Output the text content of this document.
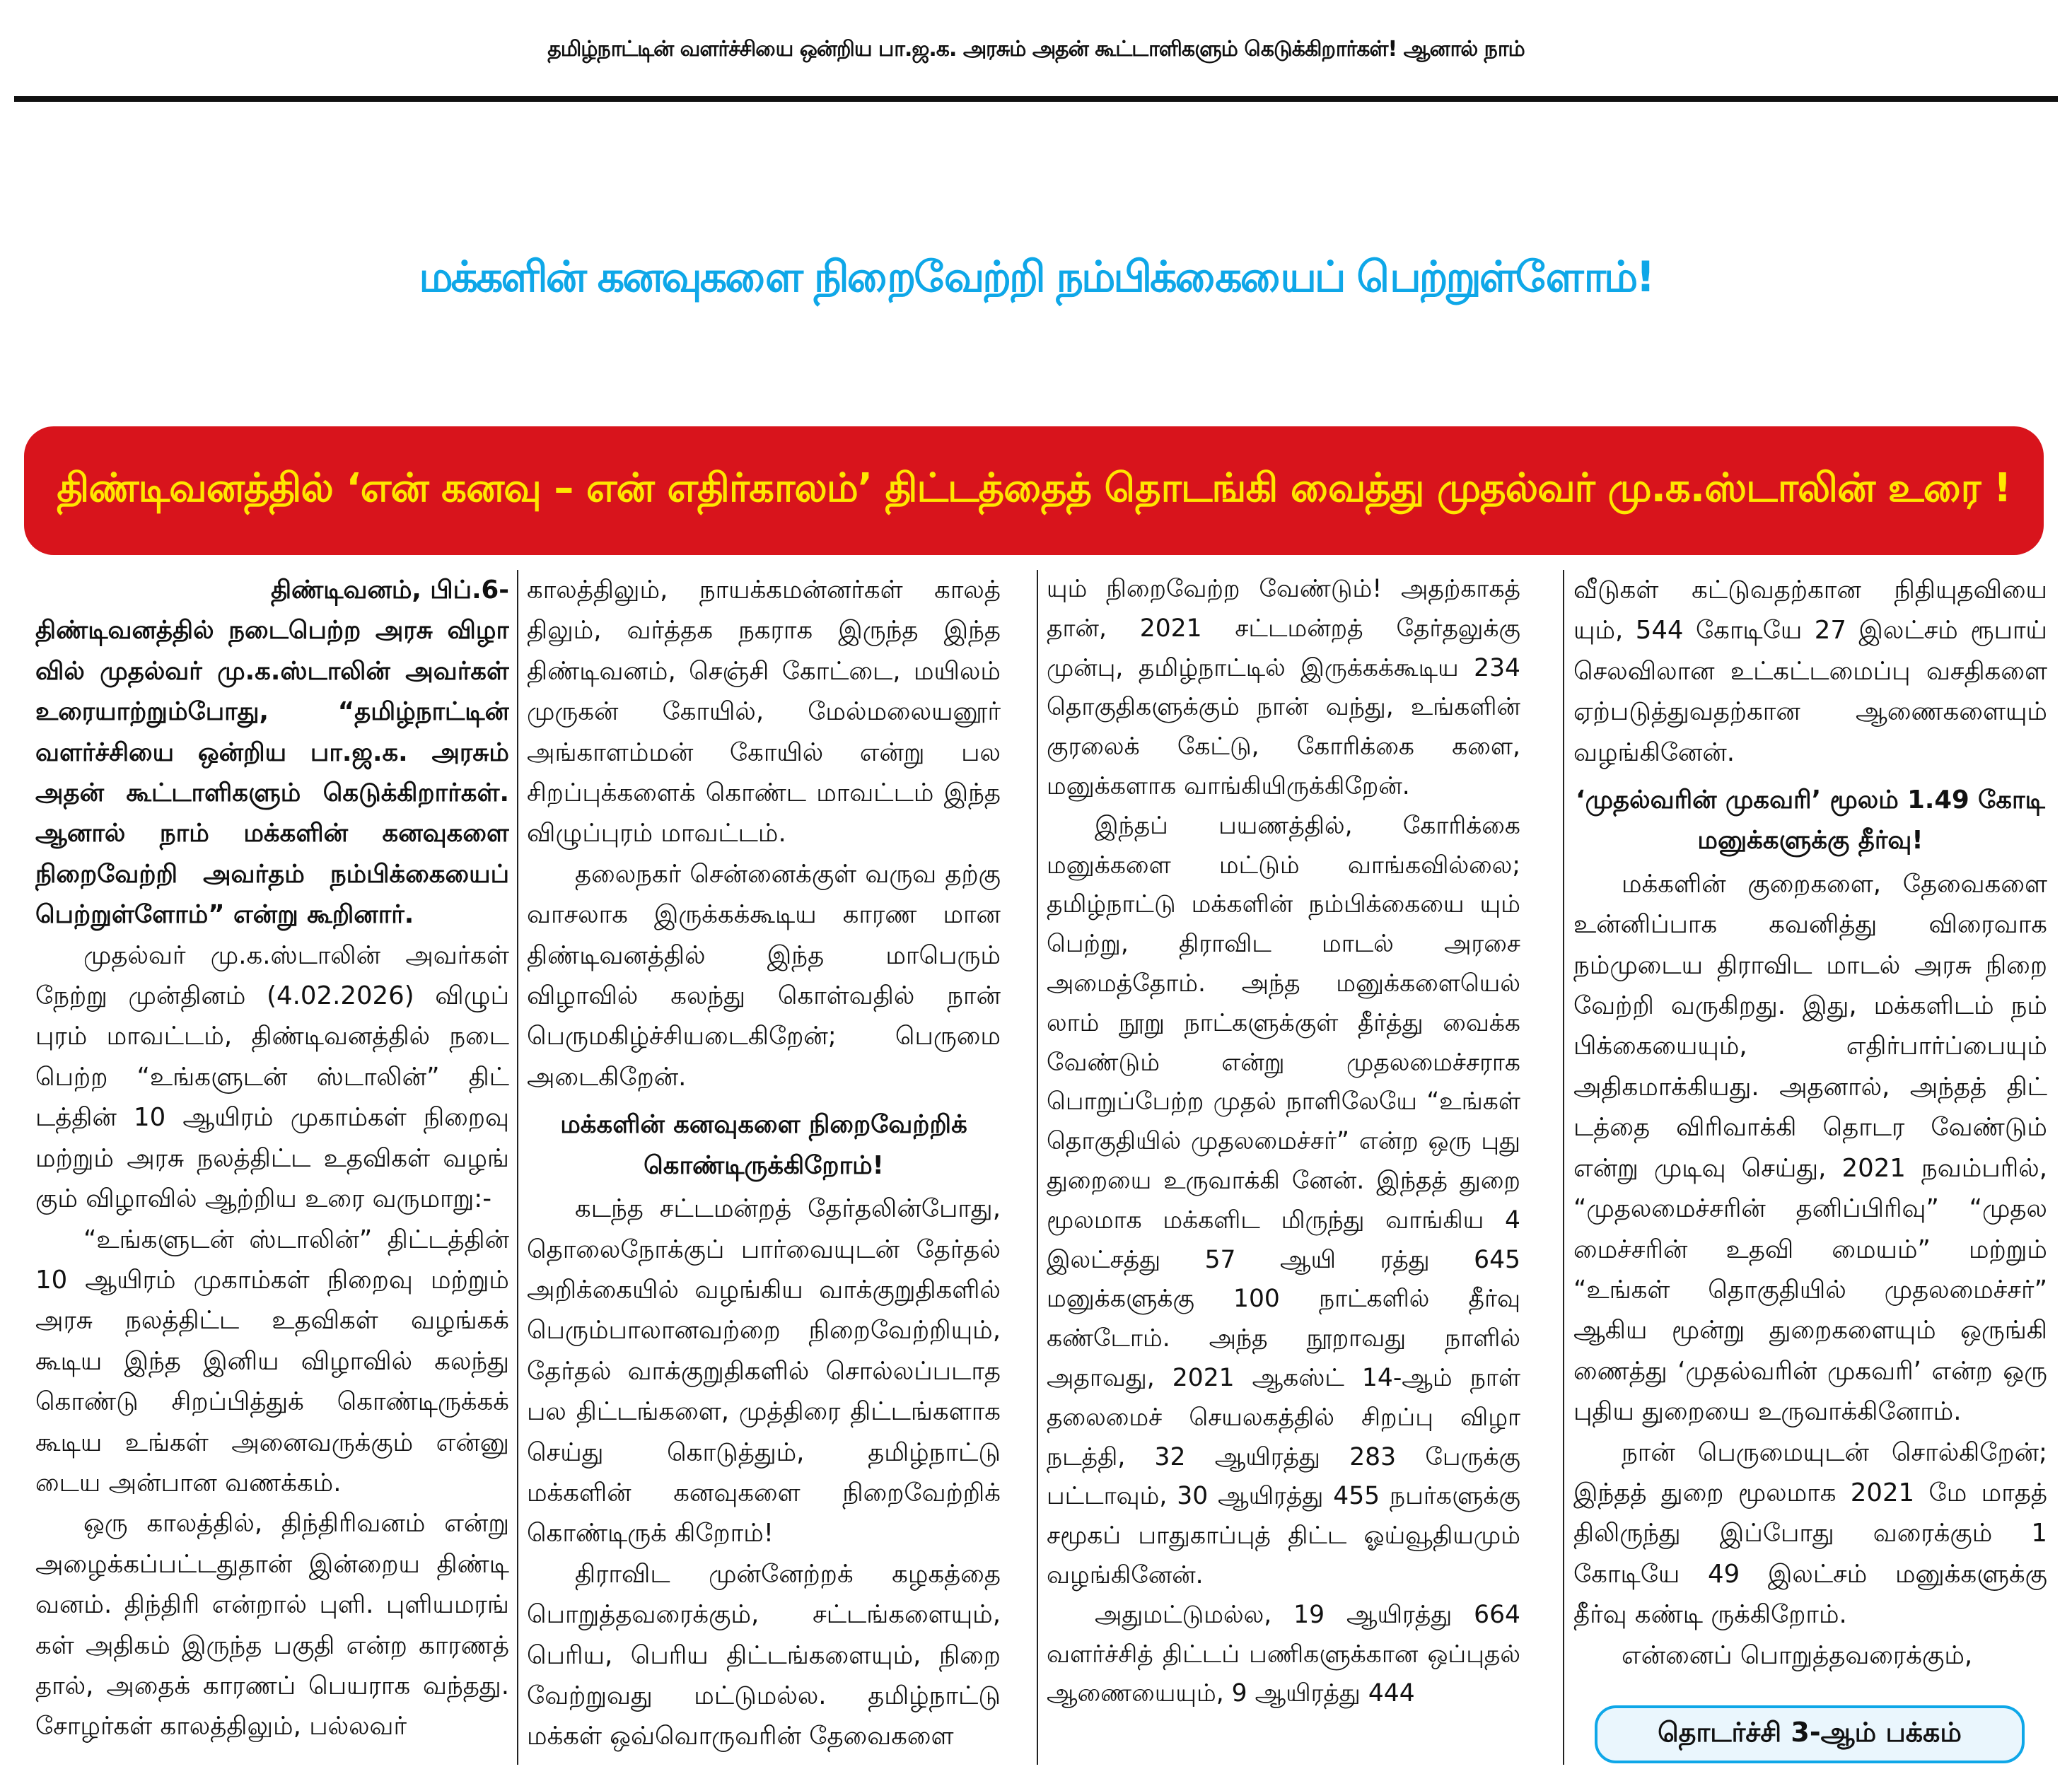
தமிழ்நாட்டின் வளர்ச்சியை ஒன்றிய பா.ஜ.க. அரசும் அதன் கூட்டாளிகளும் கெடுக்கிறார்கள்! ஆனால் நாம்
மக்களின் கனவுகளை நிறைவேற்றி நம்பிக்கையைப் பெற்றுள்ளோம்!
திண்டிவனத்தில் ‘என் கனவு – என் எதிர்காலம்’ திட்டத்தைத் தொடங்கி வைத்து முதல்வர் மு.க.ஸ்டாலின் உரை !

திண்டிவனம், பிப்.6-

திண்டிவனத்தில் நடைபெற்ற அரசு விழா வில் முதல்வர் மு.க.ஸ்டாலின் அவர்கள் உரையாற்றும்போது, “தமிழ்நாட்டின் வளர்ச்சியை ஒன்றிய பா.ஜ.க. அரசும் அதன் கூட்டாளிகளும் கெடுக்கிறார்கள். ஆனால் நாம் மக்களின் கனவுகளை நிறைவேற்றி அவர்தம் நம்பிக்கையைப் பெற்றுள்ளோம்” என்று கூறினார்.

முதல்வர் மு.க.ஸ்டாலின் அவர்கள் நேற்று முன்தினம் (4.02.2026) விழுப் புரம் மாவட்டம், திண்டிவனத்தில் நடை பெற்ற “உங்களுடன் ஸ்டாலின்” திட் டத்தின் 10 ஆயிரம் முகாம்கள் நிறைவு மற்றும் அரசு நலத்திட்ட உதவிகள் வழங் கும் விழாவில் ஆற்றிய உரை வருமாறு:-

“உங்களுடன் ஸ்டாலின்” திட்டத்தின் 10 ஆயிரம் முகாம்கள் நிறைவு மற்றும் அரசு நலத்திட்ட உதவிகள் வழங்கக் கூடிய இந்த இனிய விழாவில் கலந்து கொண்டு சிறப்பித்துக் கொண்டிருக்கக் கூடிய உங்கள் அனைவருக்கும் என்னு டைய அன்பான வணக்கம்.

ஒரு காலத்தில், திந்திரிவனம் என்று அழைக்கப்பட்டதுதான் இன்றைய திண்டி வனம். திந்திரி என்றால் புளி. புளியமரங் கள் அதிகம் இருந்த பகுதி என்ற காரணத் தால், அதைக் காரணப் பெயராக வந்தது. சோழர்கள் காலத்திலும், பல்லவர்

காலத்திலும், நாயக்கமன்னர்கள் காலத் திலும், வர்த்தக நகராக இருந்த இந்த திண்டிவனம், செஞ்சி கோட்டை, மயிலம் முருகன் கோயில், மேல்மலையனூர் அங்காளம்மன் கோயில் என்று பல சிறப்புக்களைக் கொண்ட மாவட்டம் இந்த விழுப்புரம் மாவட்டம்.

தலைநகர் சென்னைக்குள் வருவ தற்கு வாசலாக இருக்கக்கூடிய காரண மான திண்டிவனத்தில் இந்த மாபெரும் விழாவில் கலந்து கொள்வதில் நான் பெருமகிழ்ச்சியடைகிறேன்; பெருமை அடைகிறேன்.

மக்களின் கனவுகளை நிறைவேற்றிக் கொண்டிருக்கிறோம்!

கடந்த சட்டமன்றத் தேர்தலின்போது, தொலைநோக்குப் பார்வையுடன் தேர்தல் அறிக்கையில் வழங்கிய வாக்குறுதிகளில் பெரும்பாலானவற்றை நிறைவேற்றியும், தேர்தல் வாக்குறுதிகளில் சொல்லப்படாத பல திட்டங்களை, முத்திரை திட்டங்களாக செய்து கொடுத்தும், தமிழ்நாட்டு மக்களின் கனவுகளை நிறைவேற்றிக் கொண்டிருக் கிறோம்!

திராவிட முன்னேற்றக் கழகத்தை பொறுத்தவரைக்கும், சட்டங்களையும், பெரிய, பெரிய திட்டங்களையும், நிறை வேற்றுவது மட்டுமல்ல. தமிழ்நாட்டு மக்கள் ஒவ்வொருவரின் தேவைகளை

யும் நிறைவேற்ற வேண்டும்! அதற்காகத் தான், 2021 சட்டமன்றத் தேர்தலுக்கு முன்பு, தமிழ்நாட்டில் இருக்கக்கூடிய 234 தொகுதிகளுக்கும் நான் வந்து, உங்களின் குரலைக் கேட்டு, கோரிக்கை களை, மனுக்களாக வாங்கியிருக்கிறேன்.

இந்தப் பயணத்தில், கோரிக்கை மனுக்களை மட்டும் வாங்கவில்லை; தமிழ்நாட்டு மக்களின் நம்பிக்கையை யும் பெற்று, திராவிட மாடல் அரசை அமைத்தோம். அந்த மனுக்களையெல் லாம் நூறு நாட்களுக்குள் தீர்த்து வைக்க வேண்டும் என்று முதலமைச்சராக பொறுப்பேற்ற முதல் நாளிலேயே “உங்கள் தொகுதியில் முதலமைச்சர்” என்ற ஒரு புது துறையை உருவாக்கி னேன். இந்தத் துறை மூலமாக மக்களிட மிருந்து வாங்கிய 4 இலட்சத்து 57 ஆயி ரத்து 645 மனுக்களுக்கு 100 நாட்களில் தீர்வு கண்டோம். அந்த நூறாவது நாளில் அதாவது, 2021 ஆகஸ்ட் 14-ஆம் நாள் தலைமைச் செயலகத்தில் சிறப்பு விழா நடத்தி, 32 ஆயிரத்து 283 பேருக்கு பட்டாவும், 30 ஆயிரத்து 455 நபர்களுக்கு சமூகப் பாதுகாப்புத் திட்ட ஓய்வூதியமும் வழங்கினேன்.

அதுமட்டுமல்ல, 19 ஆயிரத்து 664 வளர்ச்சித் திட்டப் பணிகளுக்கான ஒப்புதல் ஆணையையும், 9 ஆயிரத்து 444

வீடுகள் கட்டுவதற்கான நிதியுதவியை யும், 544 கோடியே 27 இலட்சம் ரூபாய் செலவிலான உட்கட்டமைப்பு வசதிகளை ஏற்படுத்துவதற்கான ஆணைகளையும் வழங்கினேன்.

‘முதல்வரின் முகவரி’ மூலம் 1.49 கோடி மனுக்களுக்கு தீர்வு!

மக்களின் குறைகளை, தேவைகளை உன்னிப்பாக கவனித்து விரைவாக நம்முடைய திராவிட மாடல் அரசு நிறை வேற்றி வருகிறது. இது, மக்களிடம் நம் பிக்கையையும், எதிர்பார்ப்பையும் அதிகமாக்கியது. அதனால், அந்தத் திட் டத்தை விரிவாக்கி தொடர வேண்டும் என்று முடிவு செய்து, 2021 நவம்பரில், “முதலமைச்சரின் தனிப்பிரிவு” “முதல மைச்சரின் உதவி மையம்” மற்றும் “உங்கள் தொகுதியில் முதலமைச்சர்” ஆகிய மூன்று துறைகளையும் ஒருங்கி ணைத்து ‘முதல்வரின் முகவரி’ என்ற ஒரு புதிய துறையை உருவாக்கினோம்.

நான் பெருமையுடன் சொல்கிறேன்; இந்தத் துறை மூலமாக 2021 மே மாதத் திலிருந்து இப்போது வரைக்கும் 1 கோடியே 49 இலட்சம் மனுக்களுக்கு தீர்வு கண்டி ருக்கிறோம்.

என்னைப் பொறுத்தவரைக்கும்,

தொடர்ச்சி 3-ஆம் பக்கம்
